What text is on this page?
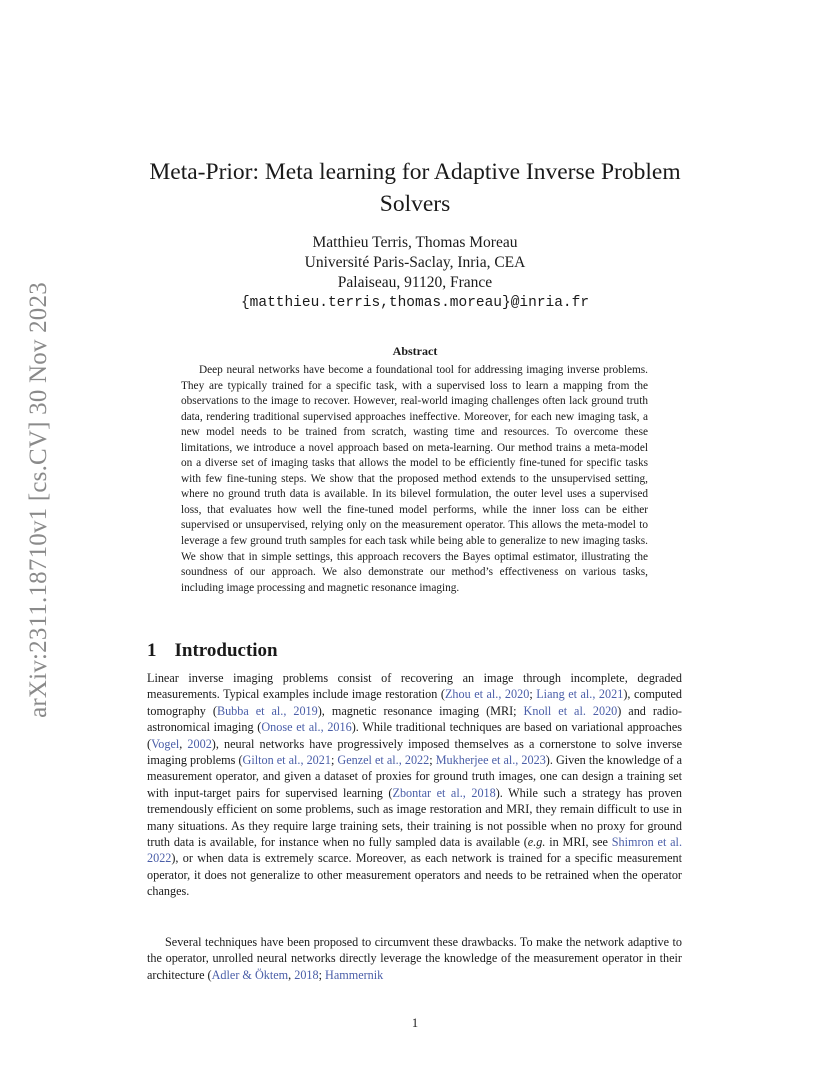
arXiv:2311.18710v1 [cs.CV] 30 Nov 2023
Meta-Prior: Meta learning for Adaptive Inverse Problem Solvers
Matthieu Terris, Thomas Moreau
Université Paris-Saclay, Inria, CEA
Palaiseau, 91120, France
{matthieu.terris,thomas.moreau}@inria.fr
Abstract

Deep neural networks have become a foundational tool for addressing imaging inverse problems. They are typically trained for a specific task, with a supervised loss to learn a mapping from the observations to the image to recover. However, real-world imaging challenges often lack ground truth data, rendering traditional supervised approaches ineffective. Moreover, for each new imaging task, a new model needs to be trained from scratch, wasting time and resources. To overcome these limitations, we introduce a novel approach based on meta-learning. Our method trains a meta-model on a diverse set of imaging tasks that allows the model to be efficiently fine-tuned for specific tasks with few fine-tuning steps. We show that the proposed method extends to the unsupervised setting, where no ground truth data is available. In its bilevel formulation, the outer level uses a supervised loss, that evaluates how well the fine-tuned model performs, while the inner loss can be either supervised or unsupervised, relying only on the measurement operator. This allows the meta-model to leverage a few ground truth samples for each task while being able to generalize to new imaging tasks. We show that in simple settings, this approach recovers the Bayes optimal estimator, illustrating the soundness of our approach. We also demonstrate our method’s effectiveness on various tasks, including image processing and magnetic resonance imaging.

1 Introduction

Linear inverse imaging problems consist of recovering an image through incomplete, degraded measurements. Typical examples include image restoration (Zhou et al., 2020; Liang et al., 2021), computed tomography (Bubba et al., 2019), magnetic resonance imaging (MRI; Knoll et al. 2020) and radio-astronomical imaging (Onose et al., 2016). While traditional techniques are based on variational approaches (Vogel, 2002), neural networks have progressively imposed themselves as a cornerstone to solve inverse imaging problems (Gilton et al., 2021; Genzel et al., 2022; Mukherjee et al., 2023). Given the knowledge of a measurement operator, and given a dataset of proxies for ground truth images, one can design a training set with input-target pairs for supervised learning (Zbontar et al., 2018). While such a strategy has proven tremendously efficient on some problems, such as image restoration and MRI, they remain difficult to use in many situations. As they require large training sets, their training is not possible when no proxy for ground truth data is available, for instance when no fully sampled data is available (e.g. in MRI, see Shimron et al. 2022), or when data is extremely scarce. Moreover, as each network is trained for a specific measurement operator, it does not generalize to other measurement operators and needs to be retrained when the operator changes.

Several techniques have been proposed to circumvent these drawbacks. To make the network adaptive to the operator, unrolled neural networks directly leverage the knowledge of the measurement operator in their architecture (Adler & Öktem, 2018; Hammernik

1
